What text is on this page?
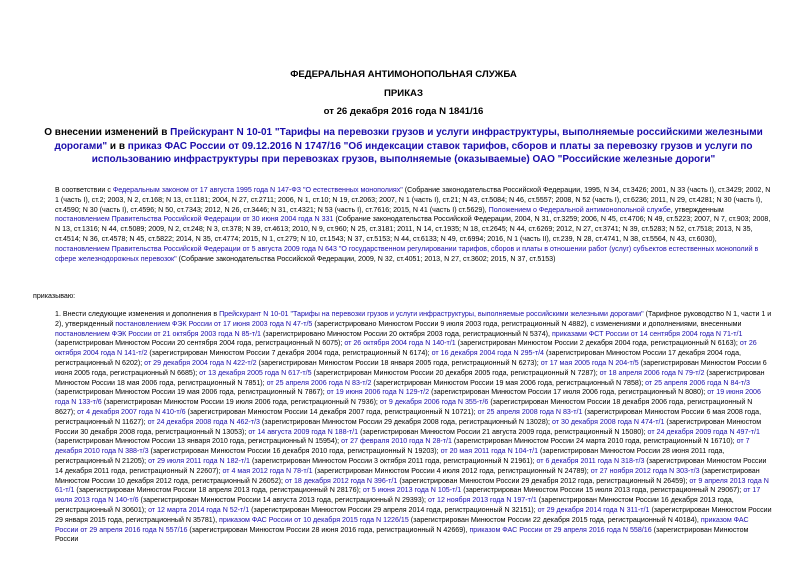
ФЕДЕРАЛЬНАЯ АНТИМОНОПОЛЬНАЯ СЛУЖБА
ПРИКАЗ
от 26 декабря 2016 года N 1841/16
О внесении изменений в Прейскурант N 10-01 "Тарифы на перевозки грузов и услуги инфраструктуры, выполняемые российскими железными дорогами" и в приказ ФАС России от 09.12.2016 N 1747/16 "Об индексации ставок тарифов, сборов и платы за перевозку грузов и услуги по использованию инфраструктуры при перевозках грузов, выполняемые (оказываемые) ОАО "Российские железные дороги"
В соответствии с Федеральным законом от 17 августа 1995 года N 147-ФЗ "О естественных монополиях" (Собрание законодательства Российской Федерации, 1995, N 34, ст.3426; 2001, N 33 (часть I), ст.3429; 2002, N 1 (часть I), ст.2; 2003, N 2, ст.168; N 13, ст.1181; 2004, N 27, ст.2711; 2006, N 1, ст.10; N 19, ст.2063; 2007, N 1 (часть I), ст.21; N 43, ст.5084; N 46, ст.5557; 2008, N 52 (часть I), ст.6236; 2011, N 29, ст.4281; N 30 (часть I), ст.4590; N 30 (часть I), ст.4596; N 50, ст.7343; 2012, N 26, ст.3446; N 31, ст.4321; N 53 (часть I), ст.7616; 2015, N 41 (часть I) ст.5629), Положением о Федеральной антимонопольной службе, утвержденным постановлением Правительства Российской Федерации от 30 июня 2004 года N 331 (Собрание законодательства Российской Федерации, 2004, N 31, ст.3259; 2006, N 45, ст.4706; N 49, ст.5223; 2007, N 7, ст.903; 2008, N 13, ст.1316; N 44, ст.5089; 2009, N 2, ст.248; N 3, ст.378; N 39, ст.4613; 2010, N 9, ст.960; N 25, ст.3181; 2011, N 14, ст.1935; N 18, ст.2645; N 44, ст.6269; 2012, N 27, ст.3741; N 39, ст.5283; N 52, ст.7518; 2013, N 35, ст.4514; N 36, ст.4578; N 45, ст.5822; 2014, N 35, ст.4774; 2015, N 1, ст.279; N 10, ст.1543; N 37, ст.5153; N 44, ст.6133; N 49, ст.6994; 2016, N 1 (часть II), ст.239, N 28, ст.4741, N 38, ст.5564, N 43, ст.6030), постановлением Правительства Российской Федерации от 5 августа 2009 года N 643 "О государственном регулировании тарифов, сборов и платы в отношении работ (услуг) субъектов естественных монополий в сфере железнодорожных перевозок" (Собрание законодательства Российской Федерации, 2009, N 32, ст.4051; 2013, N 27, ст.3602; 2015, N 37, ст.5153)
приказываю:
1. Внести следующие изменения и дополнения в Прейскурант N 10-01 "Тарифы на перевозки грузов и услуги инфраструктуры, выполняемые российскими железными дорогами" (Тарифное руководство N 1, части 1 и 2), утвержденный постановлением ФЭК России от 17 июня 2003 года N 47-т/5 (зарегистрировано Минюстом России 9 июля 2003 года, регистрационный N 4882), с изменениями и дополнениями, внесенными постановлением ФЭК России от 21 октября 2003 года N 85-т/1 (зарегистрировано Минюстом России 20 октября 2003 года, регистрационный N 5374), приказами ФСТ России от 14 сентября 2004 года N 71-т/1 (зарегистрирован Минюстом России 20 сентября 2004 года, регистрационный N 6075); от 26 октября 2004 года N 140-т/1 (зарегистрирован Минюстом России 2 декабря 2004 года, регистрационный N 6163); от 26 октября 2004 года N 141-т/2 (зарегистрирован Минюстом России 7 декабря 2004 года, регистрационный N 6174); от 16 декабря 2004 года N 295-т/4 (зарегистрирован Минюстом России 17 декабря 2004 года, регистрационный N 6202); от 29 декабря 2004 года N 422-т/2 (зарегистрирован Минюстом России 18 января 2005 года, регистрационный N 6273); от 17 мая 2005 года N 204-т/5 (зарегистрирован Минюстом России 6 июня 2005 года, регистрационный N 6685); от 13 декабря 2005 года N 617-т/5 (зарегистрирован Минюстом России 20 декабря 2005 года, регистрационный N 7287); от 18 апреля 2006 года N 79-т/2 (зарегистрирован Минюстом России 18 мая 2006 года, регистрационный N 7851); от 25 апреля 2006 года N 83-т/2 (зарегистрирован Минюстом России 19 мая 2006 года, регистрационный N 7858); от 25 апреля 2006 года N 84-т/3 (зарегистрирован Минюстом России 19 мая 2006 года, регистрационный N 7867); от 19 июня 2006 года N 129-т/2 (зарегистрирован Минюстом России 17 июля 2006 года, регистрационный N 8080); от 19 июня 2006 года N 133-т/6 (зарегистрирован Минюстом России 19 июля 2006 года, регистрационный N 7936); от 9 декабря 2006 года N 355-т/6 (зарегистрирован Минюстом России 18 декабря 2006 года, регистрационный N 8627); от 4 декабря 2007 года N 410-т/6 (зарегистрирован Минюстом России 14 декабря 2007 года, регистрационный N 10721); от 25 апреля 2008 года N 83-т/1 (зарегистрирован Минюстом России 6 мая 2008 года, регистрационный N 11627); от 24 декабря 2008 года N 462-т/3 (зарегистрирован Минюстом России 29 декабря 2008 года, регистрационный N 13028); от 30 декабря 2008 года N 474-т/1 (зарегистрирован Минюстом России 30 декабря 2008 года, регистрационный N 13053); от 14 августа 2009 года N 188-т/1 (зарегистрирован Минюстом России 21 августа 2009 года, регистрационный N 15080); от 24 декабря 2009 года N 497-т/1 (зарегистрирован Минюстом России 13 января 2010 года, регистрационный N 15954); от 27 февраля 2010 года N 28-т/1 (зарегистрирован Минюстом России 24 марта 2010 года, регистрационный N 16710); от 7 декабря 2010 года N 388-т/3 (зарегистрирован Минюстом России 16 декабря 2010 года, регистрационный N 19203); от 20 мая 2011 года N 104-т/1 (зарегистрирован Минюстом России 28 июня 2011 года, регистрационный N 21205); от 29 июля 2011 года N 182-т/1 (зарегистрирован Минюстом России 3 октября 2011 года, регистрационный N 21961); от 6 декабря 2011 года N 318-т/3 (зарегистрирован Минюстом России 14 декабря 2011 года, регистрационный N 22607); от 4 мая 2012 года N 78-т/1 (зарегистрирован Минюстом России 4 июля 2012 года, регистрационный N 24789); от 27 ноября 2012 года N 303-т/3 (зарегистрирован Минюстом России 10 декабря 2012 года, регистрационный N 26052); от 18 декабря 2012 года N 396-т/1 (зарегистрирован Минюстом России 29 декабря 2012 года, регистрационный N 26459); от 9 апреля 2013 года N 61-т/1 (зарегистрирован Минюстом России 18 апреля 2013 года, регистрационный N 28176); от 5 июня 2013 года N 105-т/1 (зарегистрирован Минюстом России 15 июля 2013 года, регистрационный N 29067); от 17 июля 2013 года N 140-т/6 (зарегистрирован Минюстом России 14 августа 2013 года, регистрационный N 29393); от 12 ноября 2013 года N 197-т/1 (зарегистрирован Минюстом России 16 декабря 2013 года, регистрационный N 30601); от 12 марта 2014 года N 52-т/1 (зарегистрирован Минюстом России 29 апреля 2014 года, регистрационный N 32151); от 29 декабря 2014 года N 311-т/1 (зарегистрирован Минюстом России 29 января 2015 года, регистрационный N 35781), приказом ФАС России от 10 декабря 2015 года N 1226/15 (зарегистрирован Минюстом России 22 декабря 2015 года, регистрационный N 40184), приказом ФАС России от 29 апреля 2016 года N 557/16 (зарегистрирован Минюстом России 28 июня 2016 года, регистрационный N 42669), приказом ФАС России от 29 апреля 2016 года N 558/16 (зарегистрирован Минюстом России
